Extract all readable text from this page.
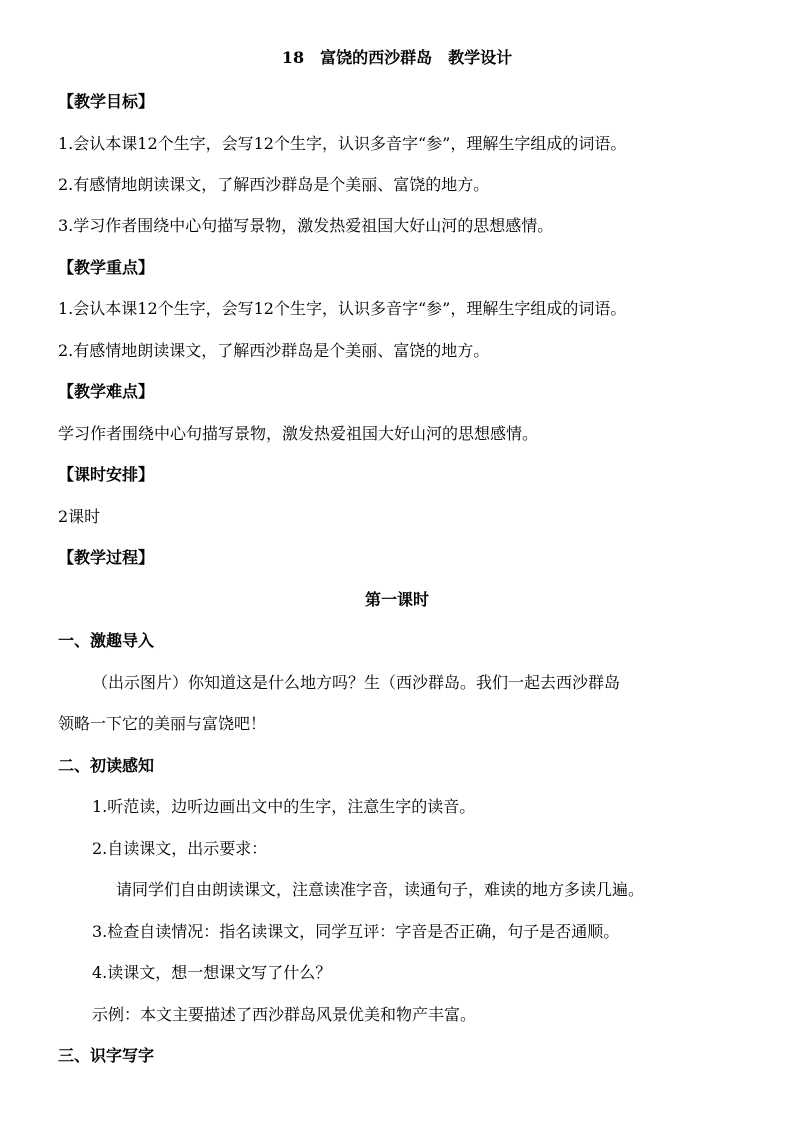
18　富饶的西沙群岛　教学设计
【教学目标】
1.会认本课12个生字，会写12个生字，认识多音字“参”，理解生字组成的词语。
2.有感情地朗读课文，了解西沙群岛是个美丽、富饶的地方。
3.学习作者围绕中心句描写景物，激发热爱祖国大好山河的思想感情。
【教学重点】
1.会认本课12个生字，会写12个生字，认识多音字“参”，理解生字组成的词语。
2.有感情地朗读课文，了解西沙群岛是个美丽、富饶的地方。
【教学难点】
学习作者围绕中心句描写景物，激发热爱祖国大好山河的思想感情。
【课时安排】
2课时
【教学过程】
第一课时
一、激趣导入
（出示图片）你知道这是什么地方吗？生（西沙群岛。我们一起去西沙群岛
领略一下它的美丽与富饶吧！
二、初读感知
1.听范读，边听边画出文中的生字，注意生字的读音。
2.自读课文，出示要求：
请同学们自由朗读课文，注意读准字音，读通句子，难读的地方多读几遍。
3.检查自读情况：指名读课文，同学互评：字音是否正确，句子是否通顺。
4.读课文，想一想课文写了什么？
示例：本文主要描述了西沙群岛风景优美和物产丰富。
三、识字写字
